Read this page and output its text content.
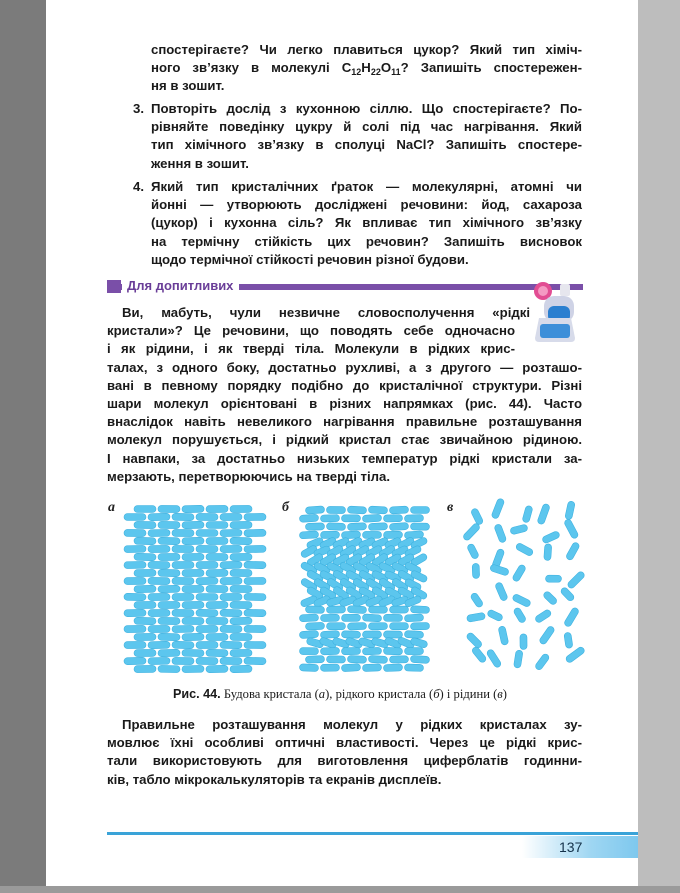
спостерігаєте? Чи легко плавиться цукор? Який тип хіміч-
ного зв’язку в молекулі $C_{12}H_{22}O_{11}$? Запишіть спостережен-
ня в зошит.
3. Повторіть дослід з кухонною сіллю. Що спостерігаєте? По-
рівняйте поведінку цукру й солі під час нагрівання. Який
тип хімічного зв’язку в сполуці NaCl? Запишіть спостере-
ження в зошит.
4. Який тип кристалічних ґраток — молекулярні, атомні чи
йонні — утворюють досліджені речовини: йод, сахароза
(цукор) і кухонна сіль? Як впливає тип хімічного зв’язку
на термічну стійкість цих речовин? Запишіть висновок
щодо термічної стійкості речовин різної будови.
Для допитливих
Ви, мабуть, чули незвичне словосполучення «рідкі
кристали»? Це речовини, що поводять себе одночасно
і як рідини, і як тверді тіла. Молекули в рідких крис-
талах, з одного боку, достатньо рухливі, а з другого — розташо-
вані в певному порядку подібно до кристалічної структури. Різні
шари молекул орієнтовані в різних напрямках (рис. 44). Часто
внаслідок навіть невеликого нагрівання правильне розташування
молекул порушується, і рідкий кристал стає звичайною рідиною.
І навпаки, за достатньо низьких температур рідкі кристали за-
мерзають, перетворюючись на тверді тіла.
а	б	в
Рис. 44. Будова кристала (а), рідкого кристала (б) і рідини (в)
Правильне розташування молекул у рідких кристалах зу-
мовлює їхні особливі оптичні властивості. Через це рідкі крис-
тали використовують для виготовлення циферблатів годинни-
ків, табло мікрокалькуляторів та екранів дисплеїв.
137
